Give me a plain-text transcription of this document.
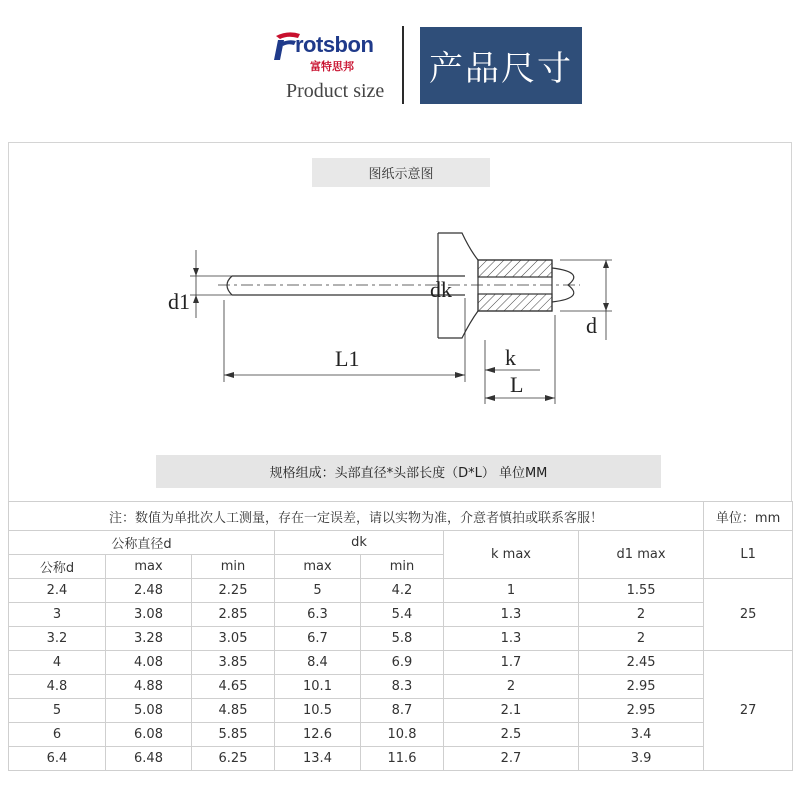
rotsbon
富特思邦
Product size
产品尺寸
图纸示意图
d1	dk
d
L1	k
L
规格组成：头部直径*头部长度（D*L） 单位MM
注：数值为单批次人工测量，存在一定误差，请以实物为准，介意者慎拍或联系客服！							单位：mm
公称直径d			dk		k max	d1 max	L1
公称d	max	min	max	min			
2.4	2.48	2.25	5	4.2	1	1.55	25
3	3.08	2.85	6.3	5.4	1.3	2	
3.2	3.28	3.05	6.7	5.8	1.3	2	
4	4.08	3.85	8.4	6.9	1.7	2.45	27
4.8	4.88	4.65	10.1	8.3	2	2.95	
5	5.08	4.85	10.5	8.7	2.1	2.95	
6	6.08	5.85	12.6	10.8	2.5	3.4	
6.4	6.48	6.25	13.4	11.6	2.7	3.9	
